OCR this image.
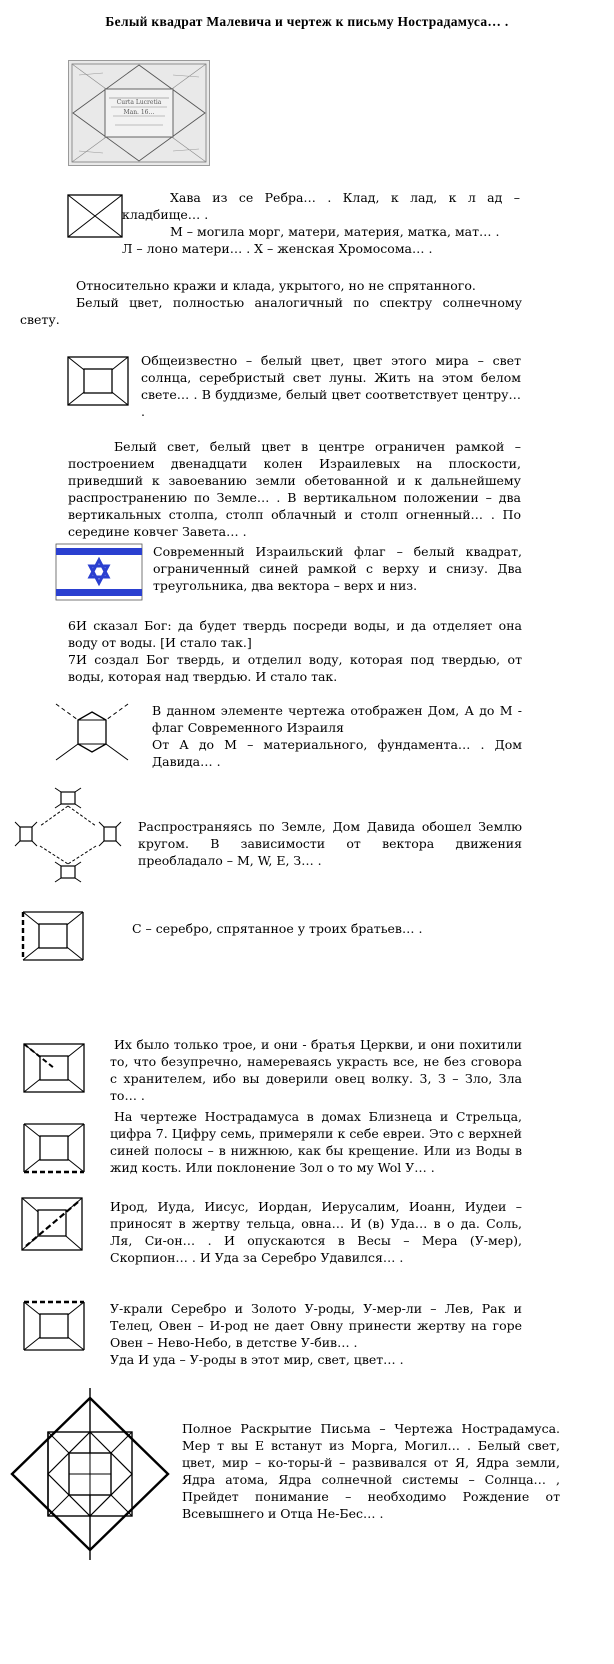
Белый квадрат Малевича и чертеж к письму Нострадамуса… .
Curta Lucretia
Man. 16…

Хава из се Ребра… . Клад, к лад, к л ад – кладбище… .

М – могила морг, матери, материя, матка, мат… .

Л – лоно матери… . Х – женская Хромосома… .

Относительно кражи и клада, укрытого, но не спрятанного.

Белый цвет, полностью аналогичный по спектру солнечному свету.

Общеизвестно – белый цвет, цвет этого мира – свет солнца, серебристый свет луны. Жить на этом белом свете… . В буддизме, белый цвет соответствует центру… .

Белый свет, белый цвет в центре ограничен рамкой – построением двенадцати колен Израилевых на плоскости, приведший к завоеванию земли обетованной и к дальнейшему распространению по Земле… . В вертикальном положении – два вертикальных столпа, столп облачный и столп огненный… . По середине ковчег Завета… .

Современный Израильский флаг – белый квадрат, ограниченный синей рамкой с верху и снизу. Два треугольника, два вектора – верх и низ.

6И сказал Бог: да будет твердь посреди воды, и да отделяет она воду от воды. [И стало так.]

7И создал Бог твердь, и отделил воду, которая под твердью, от воды, которая над твердью. И стало так.

В данном элементе чертежа отображен Дом, А до М - флаг Современного Израиля

От А до М – материального, фундамента… . Дом Давида… .

Распространяясь по Земле, Дом Давида обошел Землю кругом. В зависимости от вектора движения преобладало – M, W, E, З… .

С – серебро, спрятанное у троих братьев… .

Их было только трое, и они - братья Церкви, и они похитили то, что безупречно, намереваясь украсть все, не без сговора с хранителем, ибо вы доверили овец волку. 3, З – Зло, Зла то… .

На чертеже Нострадамуса в домах Близнеца и Стрельца, цифра 7. Цифру семь, примеряли к себе евреи. Это с верхней синей полосы – в нижнюю, как бы крещение. Или из Воды в жид кость. Или поклонение Зол о то му Wol У… .

Ирод, Иуда, Иисус, Иордан, Иерусалим, Иоанн, Иудеи – приносят в жертву тельца, овна… И (в) Уда… в о да. Соль, Ля, Си-он… . И опускаются в Весы – Мера (У-мер), Скорпион… . И Уда за Серебро Удавился… .

У-крали Серебро и Золото У-роды, У-мер-ли – Лев, Рак и Телец, Овен – И-род не дает Овну принести жертву на горе Овен – Нево-Небо, в детстве У-бив… .

Уда И уда – У-роды в этот мир, свет, цвет… .

Полное Раскрытие Письма – Чертежа Нострадамуса. Мер т вы Е встанут из Морга, Могил… . Белый свет, цвет, мир – ко-торы-й – развивался от Я, Ядра земли, Ядра атома, Ядра солнечной системы – Солнца… , Прейдет понимание – необходимо Рождение от Всевышнего и Отца Не-Бес… .
